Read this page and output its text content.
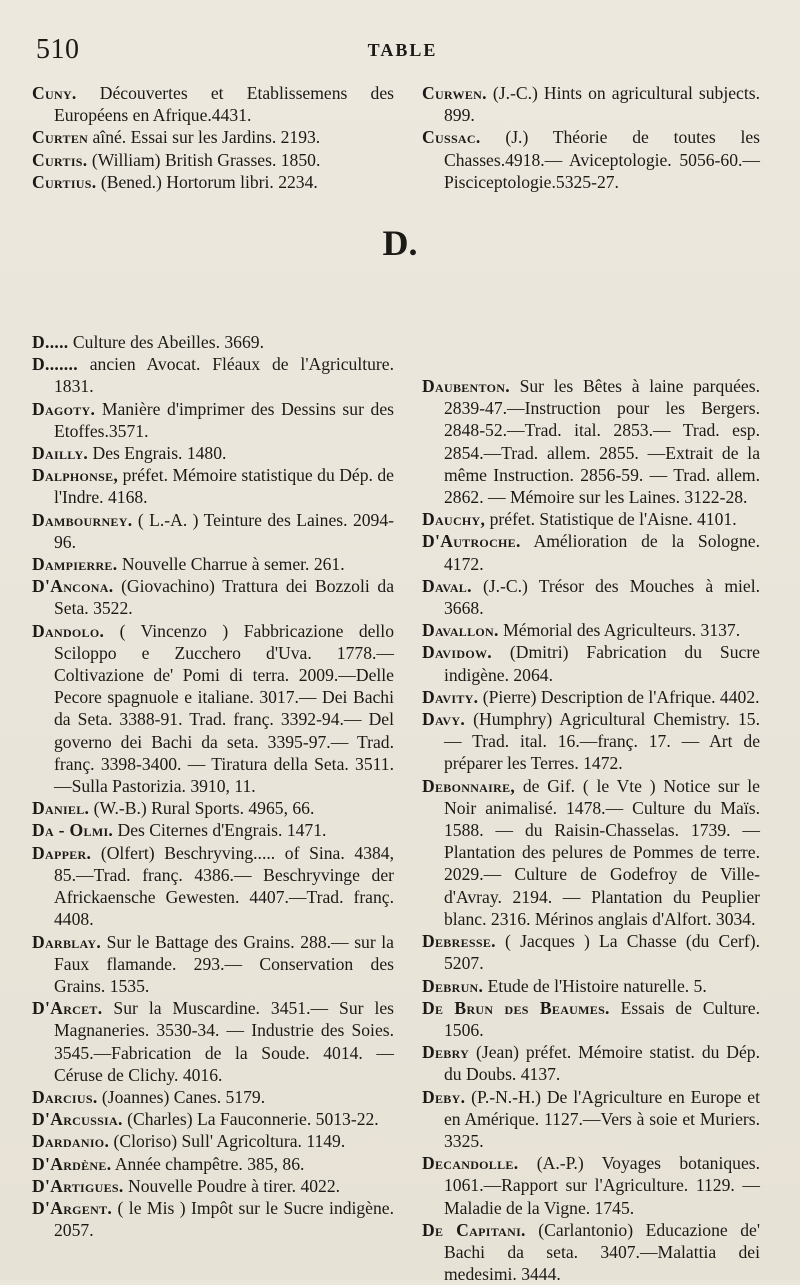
510	TABLE
D.

Cuny. Découvertes et Etablissemens des Européens en Afrique.4431.

Curten aîné. Essai sur les Jardins. 2193.

Curtis. (William) British Grasses. 1850.

Curtius. (Bened.) Hortorum libri. 2234.

D..... Culture des Abeilles. 3669.

D....... ancien Avocat. Fléaux de l'Agriculture. 1831.

Dagoty. Manière d'imprimer des Dessins sur des Etoffes.3571.

Dailly. Des Engrais. 1480.

Dalphonse, préfet. Mémoire statistique du Dép. de l'Indre. 4168.

Dambourney. ( L.-A. ) Teinture des Laines. 2094-96.

Dampierre. Nouvelle Charrue à semer. 261.

D'Ancona. (Giovachino) Trattura dei Bozzoli da Seta. 3522.

Dandolo. ( Vincenzo ) Fabbricazione dello Sciloppo e Zucchero d'Uva. 1778.— Coltivazione de' Pomi di terra. 2009.—Delle Pecore spagnuole e italiane. 3017.— Dei Bachi da Seta. 3388-91. Trad. franç. 3392-94.— Del governo dei Bachi da seta. 3395-97.— Trad. franç. 3398-3400. — Tiratura della Seta. 3511. —Sulla Pastorizia. 3910, 11.

Daniel. (W.-B.) Rural Sports. 4965, 66.

Da - Olmi. Des Citernes d'Engrais. 1471.

Dapper. (Olfert) Beschryving..... of Sina. 4384, 85.—Trad. franç. 4386.— Beschryvinge der Africkaensche Gewesten. 4407.—Trad. franç. 4408.

Darblay. Sur le Battage des Grains. 288.— sur la Faux flamande. 293.— Conservation des Grains. 1535.

D'Arcet. Sur la Muscardine. 3451.— Sur les Magnaneries. 3530-34. — Industrie des Soies. 3545.—Fabrication de la Soude. 4014. — Céruse de Clichy. 4016.

Darcius. (Joannes) Canes. 5179.

D'Arcussia. (Charles) La Fauconnerie. 5013-22.

Dardanio. (Cloriso) Sull' Agricoltura. 1149.

D'Ardène. Année champêtre. 385, 86.

D'Artigues. Nouvelle Poudre à tirer. 4022.

D'Argent. ( le Mis ) Impôt sur le Sucre indigène. 2057.

Curwen. (J.-C.) Hints on agricultural subjects. 899.

Cussac. (J.) Théorie de toutes les Chasses.4918.— Aviceptologie. 5056-60.—Pisciceptologie.5325-27.

Daubenton. Sur les Bêtes à laine parquées. 2839-47.—Instruction pour les Bergers. 2848-52.—Trad. ital. 2853.— Trad. esp. 2854.—Trad. allem. 2855. —Extrait de la même Instruction. 2856-59. — Trad. allem. 2862. — Mémoire sur les Laines. 3122-28.

Dauchy, préfet. Statistique de l'Aisne. 4101.

D'Autroche. Amélioration de la Sologne. 4172.

Daval. (J.-C.) Trésor des Mouches à miel. 3668.

Davallon. Mémorial des Agriculteurs. 3137.

Davidow. (Dmitri) Fabrication du Sucre indigène. 2064.

Davity. (Pierre) Description de l'Afrique. 4402.

Davy. (Humphry) Agricultural Chemistry. 15.— Trad. ital. 16.—franç. 17. — Art de préparer les Terres. 1472.

Debonnaire, de Gif. ( le Vte ) Notice sur le Noir animalisé. 1478.— Culture du Maïs. 1588. — du Raisin-Chasselas. 1739. — Plantation des pelures de Pommes de terre. 2029.— Culture de Godefroy de Ville-d'Avray. 2194. — Plantation du Peuplier blanc. 2316. Mérinos anglais d'Alfort. 3034.

Debresse. ( Jacques ) La Chasse (du Cerf). 5207.

Debrun. Etude de l'Histoire naturelle. 5.

De Brun des Beaumes. Essais de Culture. 1506.

Debry (Jean) préfet. Mémoire statist. du Dép. du Doubs. 4137.

Deby. (P.-N.-H.) De l'Agriculture en Europe et en Amérique. 1127.—Vers à soie et Muriers. 3325.

Decandolle. (A.-P.) Voyages botaniques. 1061.—Rapport sur l'Agriculture. 1129. — Maladie de la Vigne. 1745.

De Capitani. (Carlantonio) Educazione de' Bachi da seta. 3407.—Malattia dei medesimi. 3444.
